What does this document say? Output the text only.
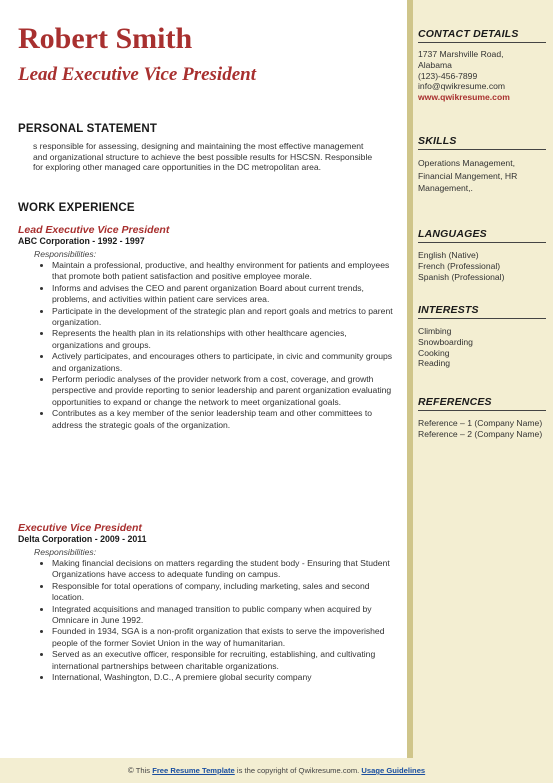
Robert Smith
Lead Executive Vice President
PERSONAL STATEMENT
s responsible for assessing, designing and maintaining the most effective management and organizational structure to achieve the best possible results for HSCSN. Responsible for exploring other managed care opportunities in the DC metropolitan area.
WORK EXPERIENCE
Lead Executive Vice President
ABC Corporation - 1992 - 1997
Responsibilities:
Maintain a professional, productive, and healthy environment for patients and employees that promote both patient satisfaction and positive employee morale.
Informs and advises the CEO and parent organization Board about current trends, problems, and activities within patient care services area.
Participate in the development of the strategic plan and report goals and metrics to parent organization.
Represents the health plan in its relationships with other healthcare agencies, organizations and groups.
Actively participates, and encourages others to participate, in civic and community groups and organizations.
Perform periodic analyses of the provider network from a cost, coverage, and growth perspective and provide reporting to senior leadership and parent organization evaluating opportunities to expand or change the network to meet organizational goals.
Contributes as a key member of the senior leadership team and other committees to address the strategic goals of the organization.
Executive Vice President
Delta Corporation - 2009 - 2011
Responsibilities:
Making financial decisions on matters regarding the student body - Ensuring that Student Organizations have access to adequate funding on campus.
Responsible for total operations of company, including marketing, sales and second location.
Integrated acquisitions and managed transition to public company when acquired by Omnicare in June 1992.
Founded in 1934, SGA is a non-profit organization that exists to serve the impoverished people of the former Soviet Union in the way of humanitarian.
Served as an executive officer, responsible for recruiting, establishing, and cultivating international partnerships between charitable organizations.
International, Washington, D.C., A premiere global security company
CONTACT DETAILS
1737 Marshville Road,
Alabama
(123)-456-7899
info@qwikresume.com
www.qwikresume.com
SKILLS
Operations Management, Financial Mangement, HR Management,.
LANGUAGES
English (Native)
French (Professional)
Spanish (Professional)
INTERESTS
Climbing
Snowboarding
Cooking
Reading
REFERENCES
Reference – 1 (Company Name)
Reference – 2 (Company Name)
© This Free Resume Template is the copyright of Qwikresume.com. Usage Guidelines
